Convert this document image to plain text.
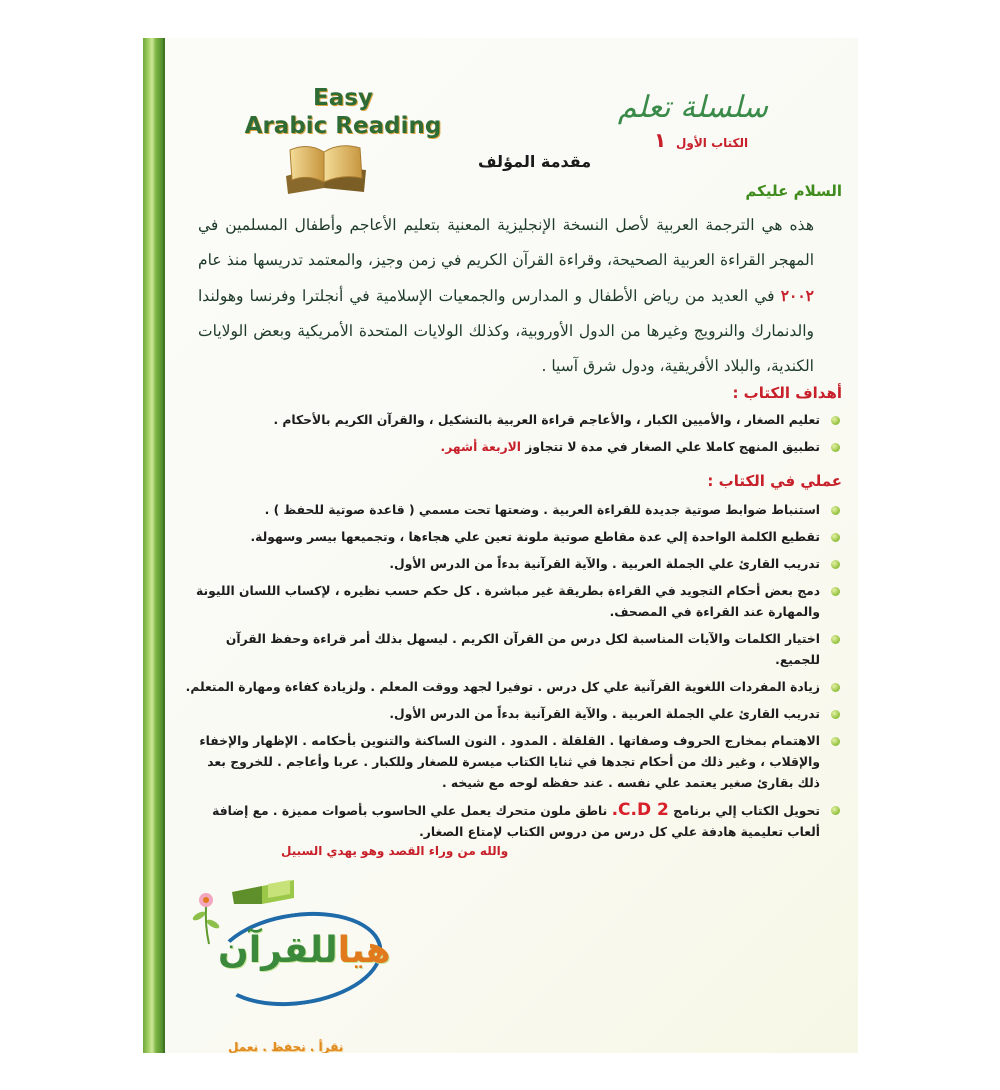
سلسلة تعلم
١ الكتاب الأول
Easy
Arabic Reading
مقدمة المؤلف
السلام عليكم

هذه هي الترجمة العربية لأصل النسخة الإنجليزية المعنية بتعليم الأعاجم وأطفال المسلمين في المهجر القراءة العربية الصحيحة، وقراءة القرآن الكريم في زمن وجيز، والمعتمد تدريسها منذ عام ٢٠٠٢ في العديد من رياض الأطفال و المدارس والجمعيات الإسلامية في أنجلترا وفرنسا وهولندا والدنمارك والنرويج وغيرها من الدول الأوروبية، وكذلك الولايات المتحدة الأمريكية وبعض الولايات الكندية، والبلاد الأفريقية، ودول شرق آسيا .

أهداف الكتاب :
تعليم الصغار ، والأميين الكبار ، والأعاجم قراءة العربية بالتشكيل ، والقرآن الكريم بالأحكام .
تطبيق المنهج كاملا علي الصغار في مدة لا تتجاوز الاربعة أشهر.
عملي في الكتاب :
استنباط ضوابط صوتية جديدة للقراءة العربية . وضعتها تحت مسمي ( قاعدة صوتية للحفظ ) .
تقطيع الكلمة الواحدة إلي عدة مقاطع صوتية ملونة تعين علي هجاءها ، وتجميعها بيسر وسهولة.
تدريب القارئ علي الجملة العربية . والآية القرآنية بدءاً من الدرس الأول.
دمج بعض أحكام التجويد في القراءة بطريقة غير مباشرة . كل حكم حسب نظيره ، لإكساب اللسان الليونة والمهارة عند القراءة في المصحف.
اختيار الكلمات والآيات المناسبة لكل درس من القرآن الكريم . ليسهل بذلك أمر قراءة وحفظ القرآن للجميع.
زيادة المفردات اللغوية القرآنية علي كل درس . توفيرا لجهد ووقت المعلم . ولزيادة كفاءة ومهارة المتعلم.
تدريب القارئ علي الجملة العربية . والآية القرآنية بدءاً من الدرس الأول.
الاهتمام بمخارج الحروف وصفاتها . القلقلة . المدود . النون الساكنة والتنوين بأحكامه . الإظهار والإخفاء والإقلاب ، وغير ذلك من أحكام تجدها في ثنايا الكتاب ميسرة للصغار وللكبار . عربا وأعاجم . للخروج بعد ذلك بقارئ صغير يعتمد علي نفسه . عند حفظه لوحه مع شيخه .
تحويل الكتاب إلي برنامج 2 C.D. ناطق ملون متحرك يعمل علي الحاسوب بأصوات مميزة . مع إضافة ألعاب تعليمية هادفة علي كل درس من دروس الكتاب لإمتاع الصغار.
والله من وراء القصد وهو يهدي السبيل
هياللقرآن
نقرأ . نحفظ . نعمل
